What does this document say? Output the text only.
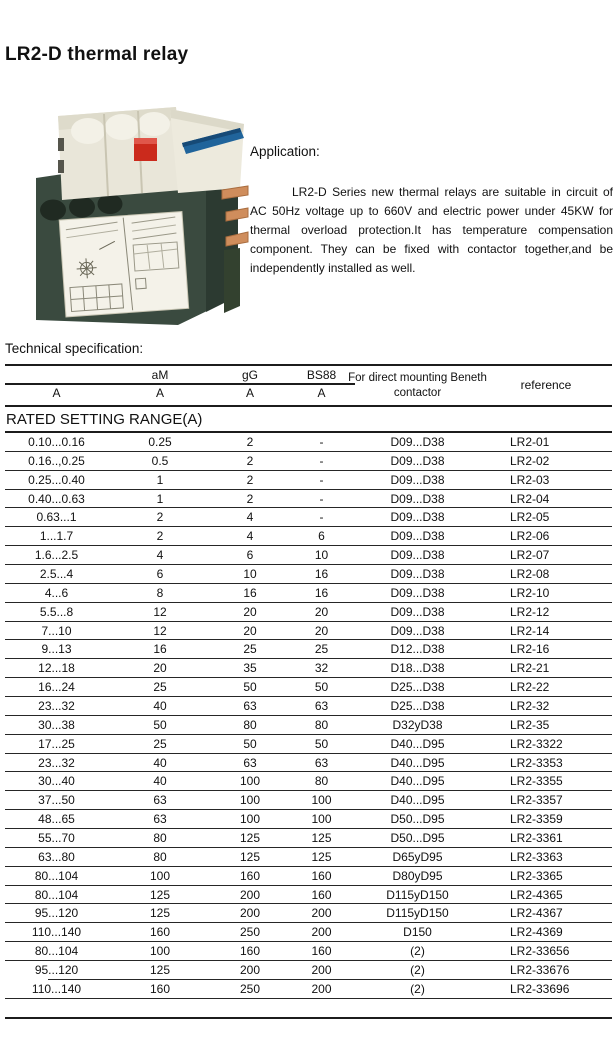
LR2-D thermal relay
Application:

LR2-D Series new thermal relays are suitable in circuit of AC 50Hz voltage up to 660V and electric power under 45KW for thermal overload protection.It has temperature compensation component. They can be fixed with contactor together,and be independently installed as well.

Technical specification:
aM	gG	BS88
A	A	A	A
For direct mounting Beneth
contactor
reference
RATED SETTING RANGE(A)
0.10...0.16	0.25	2	-	D09...D38	LR2-01
0.16..,0.25	0.5	2	-	D09...D38	LR2-02
0.25...0.40	1	2	-	D09...D38	LR2-03
0.40...0.63	1	2	-	D09...D38	LR2-04
0.63...1	2	4	-	D09...D38	LR2-05
1...1.7	2	4	6	D09...D38	LR2-06
1.6...2.5	4	6	10	D09...D38	LR2-07
2.5...4	6	10	16	D09...D38	LR2-08
4...6	8	16	16	D09...D38	LR2-10
5.5...8	12	20	20	D09...D38	LR2-12
7...10	12	20	20	D09...D38	LR2-14
9...13	16	25	25	D12...D38	LR2-16
12...18	20	35	32	D18...D38	LR2-21
16...24	25	50	50	D25...D38	LR2-22
23...32	40	63	63	D25...D38	LR2-32
30...38	50	80	80	D32yD38	LR2-35
17...25	25	50	50	D40...D95	LR2-3322
23...32	40	63	63	D40...D95	LR2-3353
30...40	40	100	80	D40...D95	LR2-3355
37...50	63	100	100	D40...D95	LR2-3357
48...65	63	100	100	D50...D95	LR2-3359
55...70	80	125	125	D50...D95	LR2-3361
63...80	80	125	125	D65yD95	LR2-3363
80...104	100	160	160	D80yD95	LR2-3365
80...104	125	200	160	D115yD150	LR2-4365
95...120	125	200	200	D115yD150	LR2-4367
110...140	160	250	200	D150	LR2-4369
80...104	100	160	160	(2)	LR2-33656
95...120	125	200	200	(2)	LR2-33676
110...140	160	250	200	(2)	LR2-33696
